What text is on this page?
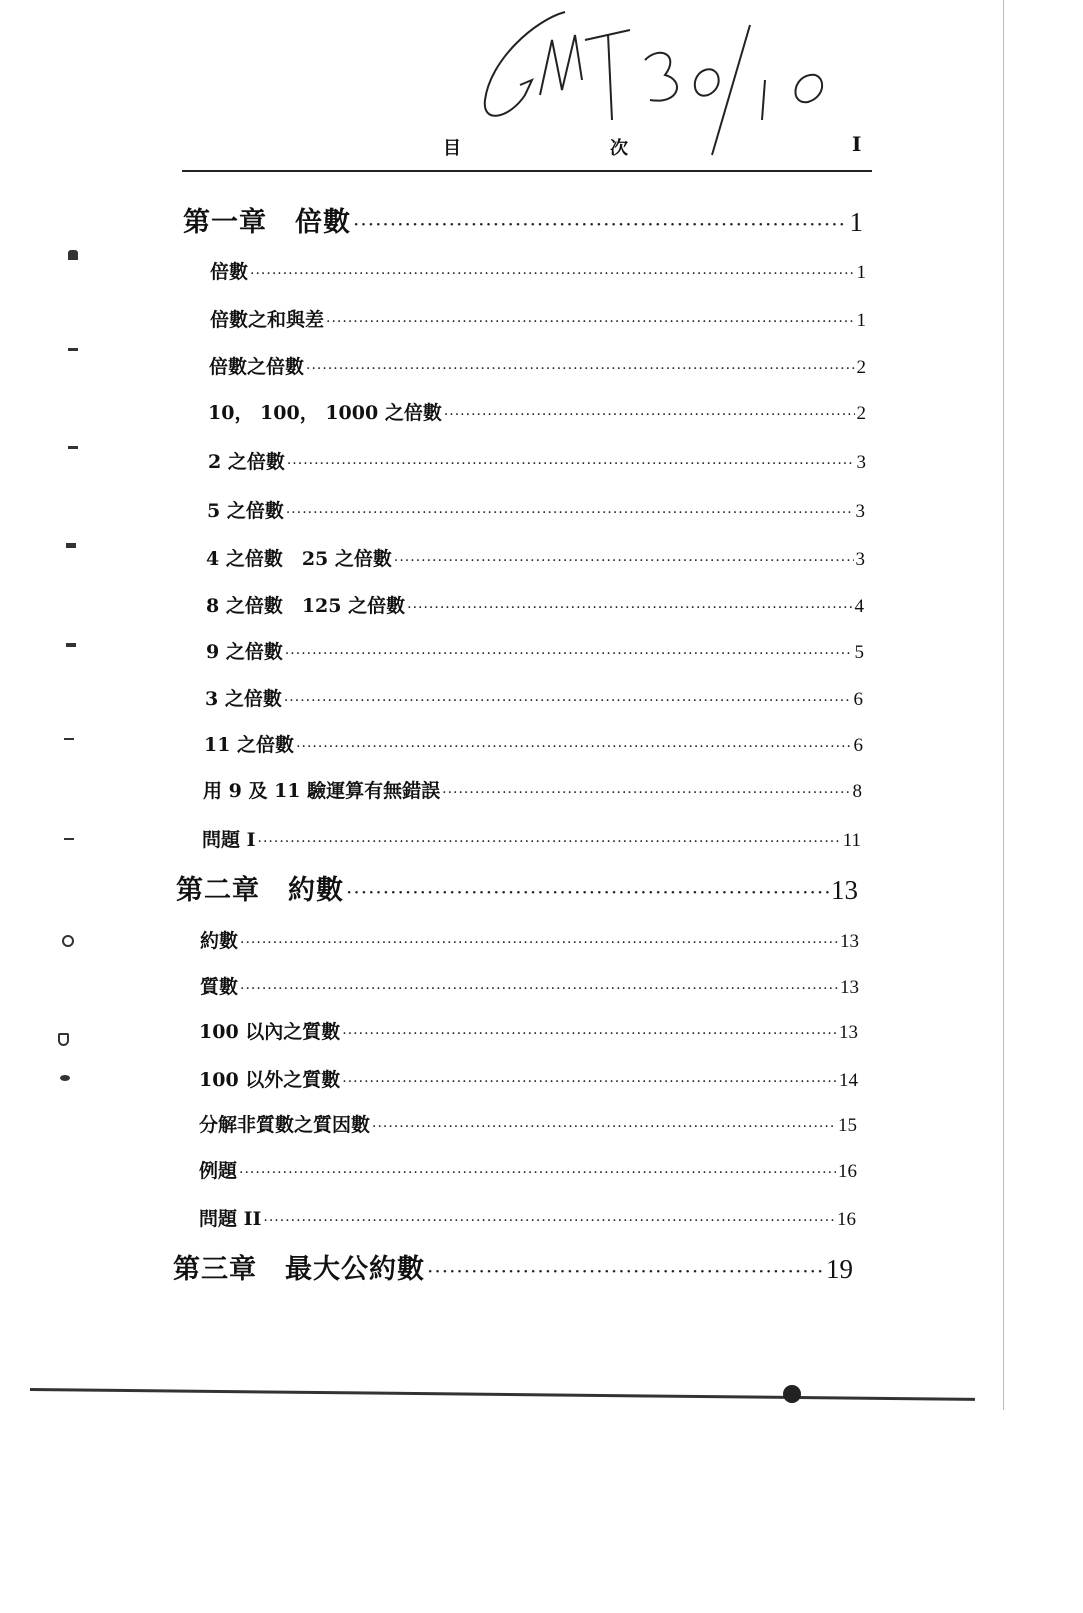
目	次	I
第一章　倍數 ·····	1
倍數 ·····	1
倍數之和與差 ·····	1
倍數之倍數 ·····	2
10， 100， 1000 之倍數 ·····	2
2 之倍數 ·····	3
5 之倍數 ·····	3
4 之倍數　25 之倍數 ·····	3
8 之倍數　125 之倍數 ·····	4
9 之倍數 ·····	5
3 之倍數 ·····	6
11 之倍數 ·····	6
用 9 及 11 驗運算有無錯誤 ·····	8
問題 I ·····	11
第二章　約數 ·····	13
約數 ·····	13
質數 ·····	13
100 以內之質數 ·····	13
100 以外之質數 ·····	14
分解非質數之質因數 ·····	15
例題 ·····	16
問題 II ·····	16
第三章　最大公約數 ·····	19
